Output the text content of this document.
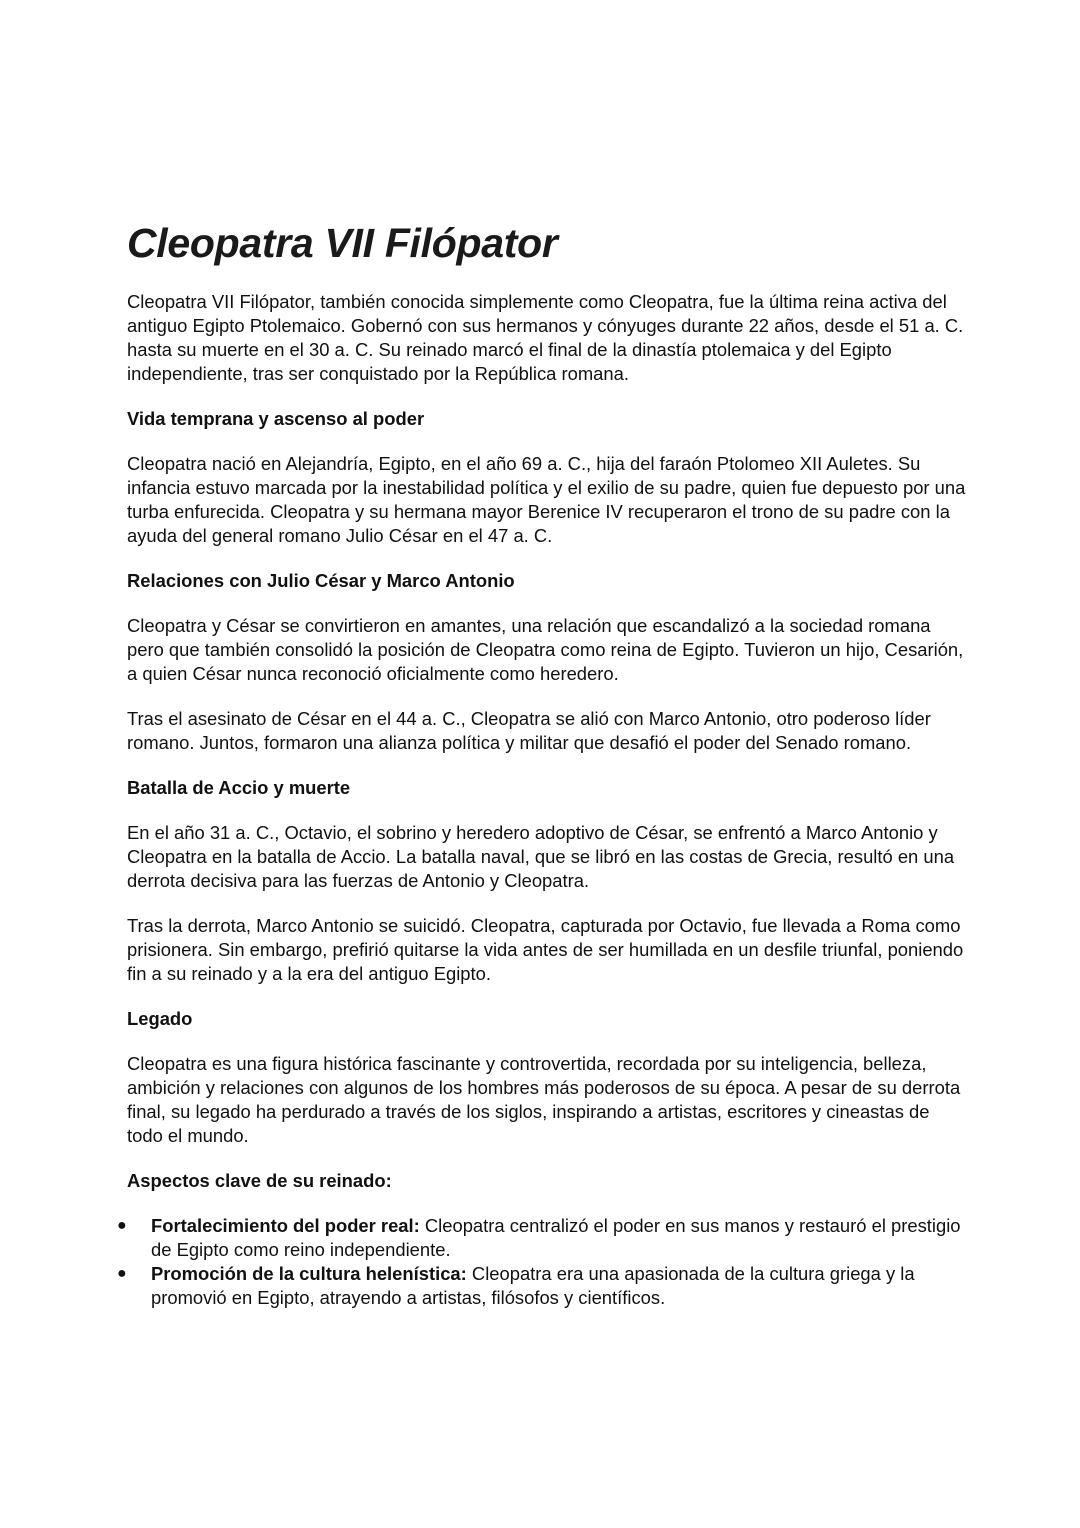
Cleopatra VII Filópator

Cleopatra VII Filópator, también conocida simplemente como Cleopatra, fue la última reina activa del antiguo Egipto Ptolemaico. Gobernó con sus hermanos y cónyuges durante 22 años, desde el 51 a. C. hasta su muerte en el 30 a. C. Su reinado marcó el final de la dinastía ptolemaica y del Egipto independiente, tras ser conquistado por la República romana.

Vida temprana y ascenso al poder

Cleopatra nació en Alejandría, Egipto, en el año 69 a. C., hija del faraón Ptolomeo XII Auletes. Su infancia estuvo marcada por la inestabilidad política y el exilio de su padre, quien fue depuesto por una turba enfurecida. Cleopatra y su hermana mayor Berenice IV recuperaron el trono de su padre con la ayuda del general romano Julio César en el 47 a. C.

Relaciones con Julio César y Marco Antonio

Cleopatra y César se convirtieron en amantes, una relación que escandalizó a la sociedad romana pero que también consolidó la posición de Cleopatra como reina de Egipto. Tuvieron un hijo, Cesarión, a quien César nunca reconoció oficialmente como heredero.

Tras el asesinato de César en el 44 a. C., Cleopatra se alió con Marco Antonio, otro poderoso líder romano. Juntos, formaron una alianza política y militar que desafió el poder del Senado romano.

Batalla de Accio y muerte

En el año 31 a. C., Octavio, el sobrino y heredero adoptivo de César, se enfrentó a Marco Antonio y Cleopatra en la batalla de Accio. La batalla naval, que se libró en las costas de Grecia, resultó en una derrota decisiva para las fuerzas de Antonio y Cleopatra.

Tras la derrota, Marco Antonio se suicidó. Cleopatra, capturada por Octavio, fue llevada a Roma como prisionera. Sin embargo, prefirió quitarse la vida antes de ser humillada en un desfile triunfal, poniendo fin a su reinado y a la era del antiguo Egipto.

Legado

Cleopatra es una figura histórica fascinante y controvertida, recordada por su inteligencia, belleza, ambición y relaciones con algunos de los hombres más poderosos de su época. A pesar de su derrota final, su legado ha perdurado a través de los siglos, inspirando a artistas, escritores y cineastas de todo el mundo.

Aspectos clave de su reinado:

● Fortalecimiento del poder real: Cleopatra centralizó el poder en sus manos y restauró el prestigio de Egipto como reino independiente.
● Promoción de la cultura helenística: Cleopatra era una apasionada de la cultura griega y la promovió en Egipto, atrayendo a artistas, filósofos y científicos.
